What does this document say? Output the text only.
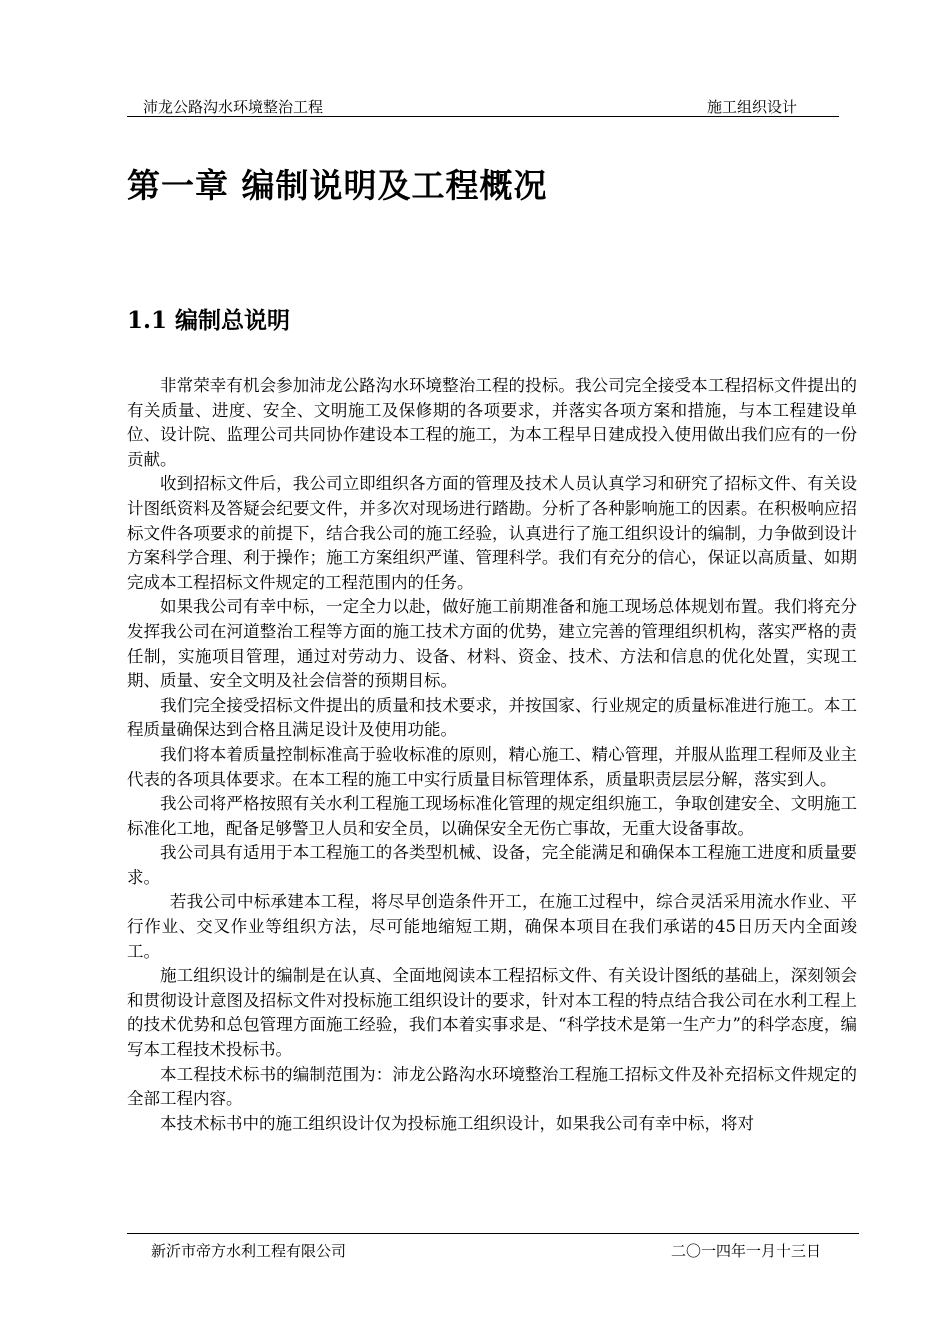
沛龙公路沟水环境整治工程	施工组织设计
第一章 编制说明及工程概况
1.1 编制总说明

非常荣幸有机会参加沛龙公路沟水环境整治工程的投标。我公司完全接受本工程招标文件提出的有关质量、进度、安全、文明施工及保修期的各项要求，并落实各项方案和措施，与本工程建设单位、设计院、监理公司共同协作建设本工程的施工，为本工程早日建成投入使用做出我们应有的一份贡献。

收到招标文件后，我公司立即组织各方面的管理及技术人员认真学习和研究了招标文件、有关设计图纸资料及答疑会纪要文件，并多次对现场进行踏勘。分析了各种影响施工的因素。在积极响应招标文件各项要求的前提下，结合我公司的施工经验，认真进行了施工组织设计的编制，力争做到设计方案科学合理、利于操作；施工方案组织严谨、管理科学。我们有充分的信心，保证以高质量、如期完成本工程招标文件规定的工程范围内的任务。

如果我公司有幸中标，一定全力以赴，做好施工前期准备和施工现场总体规划布置。我们将充分发挥我公司在河道整治工程等方面的施工技术方面的优势，建立完善的管理组织机构，落实严格的责任制，实施项目管理，通过对劳动力、设备、材料、资金、技术、方法和信息的优化处置，实现工期、质量、安全文明及社会信誉的预期目标。

我们完全接受招标文件提出的质量和技术要求，并按国家、行业规定的质量标准进行施工。本工程质量确保达到合格且满足设计及使用功能。

我们将本着质量控制标准高于验收标准的原则，精心施工、精心管理，并服从监理工程师及业主代表的各项具体要求。在本工程的施工中实行质量目标管理体系，质量职责层层分解，落实到人。

我公司将严格按照有关水利工程施工现场标准化管理的规定组织施工，争取创建安全、文明施工标准化工地，配备足够警卫人员和安全员，以确保安全无伤亡事故，无重大设备事故。

我公司具有适用于本工程施工的各类型机械、设备，完全能满足和确保本工程施工进度和质量要求。

若我公司中标承建本工程，将尽早创造条件开工，在施工过程中，综合灵活采用流水作业、平行作业、交叉作业等组织方法，尽可能地缩短工期，确保本项目在我们承诺的45日历天内全面竣工。

施工组织设计的编制是在认真、全面地阅读本工程招标文件、有关设计图纸的基础上，深刻领会和贯彻设计意图及招标文件对投标施工组织设计的要求，针对本工程的特点结合我公司在水利工程上的技术优势和总包管理方面施工经验，我们本着实事求是、“科学技术是第一生产力”的科学态度，编写本工程技术投标书。

本工程技术标书的编制范围为：沛龙公路沟水环境整治工程施工招标文件及补充招标文件规定的全部工程内容。

本技术标书中的施工组织设计仅为投标施工组织设计，如果我公司有幸中标，将对

新沂市帝方水利工程有限公司	二〇一四年一月十三日
